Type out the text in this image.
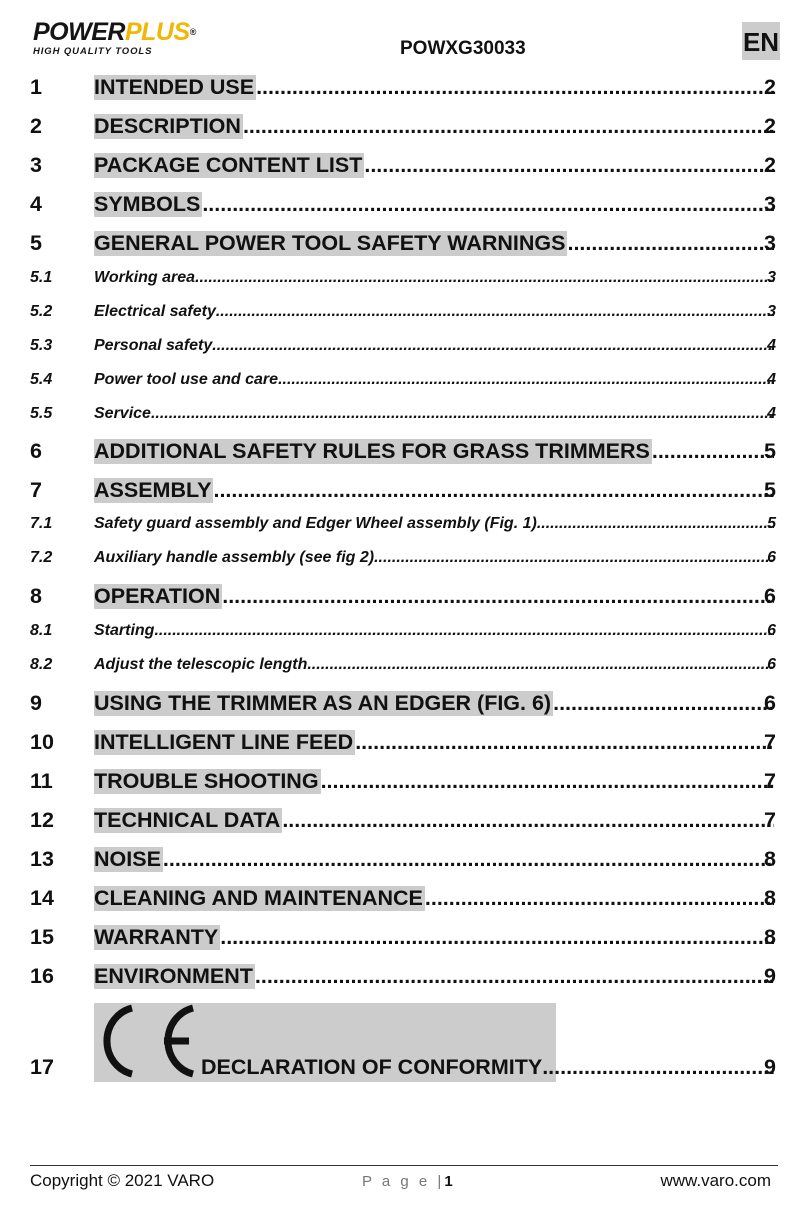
POWERPLUS®
HIGH QUALITY TOOLS	POWXG30033	EN
1 INTENDED USE .....	2
2 DESCRIPTION .....	2
3 PACKAGE CONTENT LIST .....	2
4 SYMBOLS .....	3
5 GENERAL POWER TOOL SAFETY WARNINGS .....	3
5.1	Working area .....	3
5.2	Electrical safety .....	3
5.3	Personal safety .....	4
5.4	Power tool use and care .....	4
5.5	Service .....	4
6 ADDITIONAL SAFETY RULES FOR GRASS TRIMMERS .....	5
7 ASSEMBLY .....	5
7.1	Safety guard assembly and Edger Wheel assembly (Fig. 1) .....	5
7.2	Auxiliary handle assembly (see fig 2) .....	6
8 OPERATION .....	6
8.1	Starting .....	6
8.2	Adjust the telescopic length .....	6
9 USING THE TRIMMER AS AN EDGER (FIG. 6) .....	6
10 INTELLIGENT LINE FEED .....	7
11 TROUBLE SHOOTING .....	7
12 TECHNICAL DATA .....	7
13 NOISE .....	8
14 CLEANING AND MAINTENANCE .....	8
15 WARRANTY .....	8
16 ENVIRONMENT .....	9
17	DECLARATION OF CONFORMITY .....	9
Copyright © 2021 VARO	P a g e |1	www.varo.com
